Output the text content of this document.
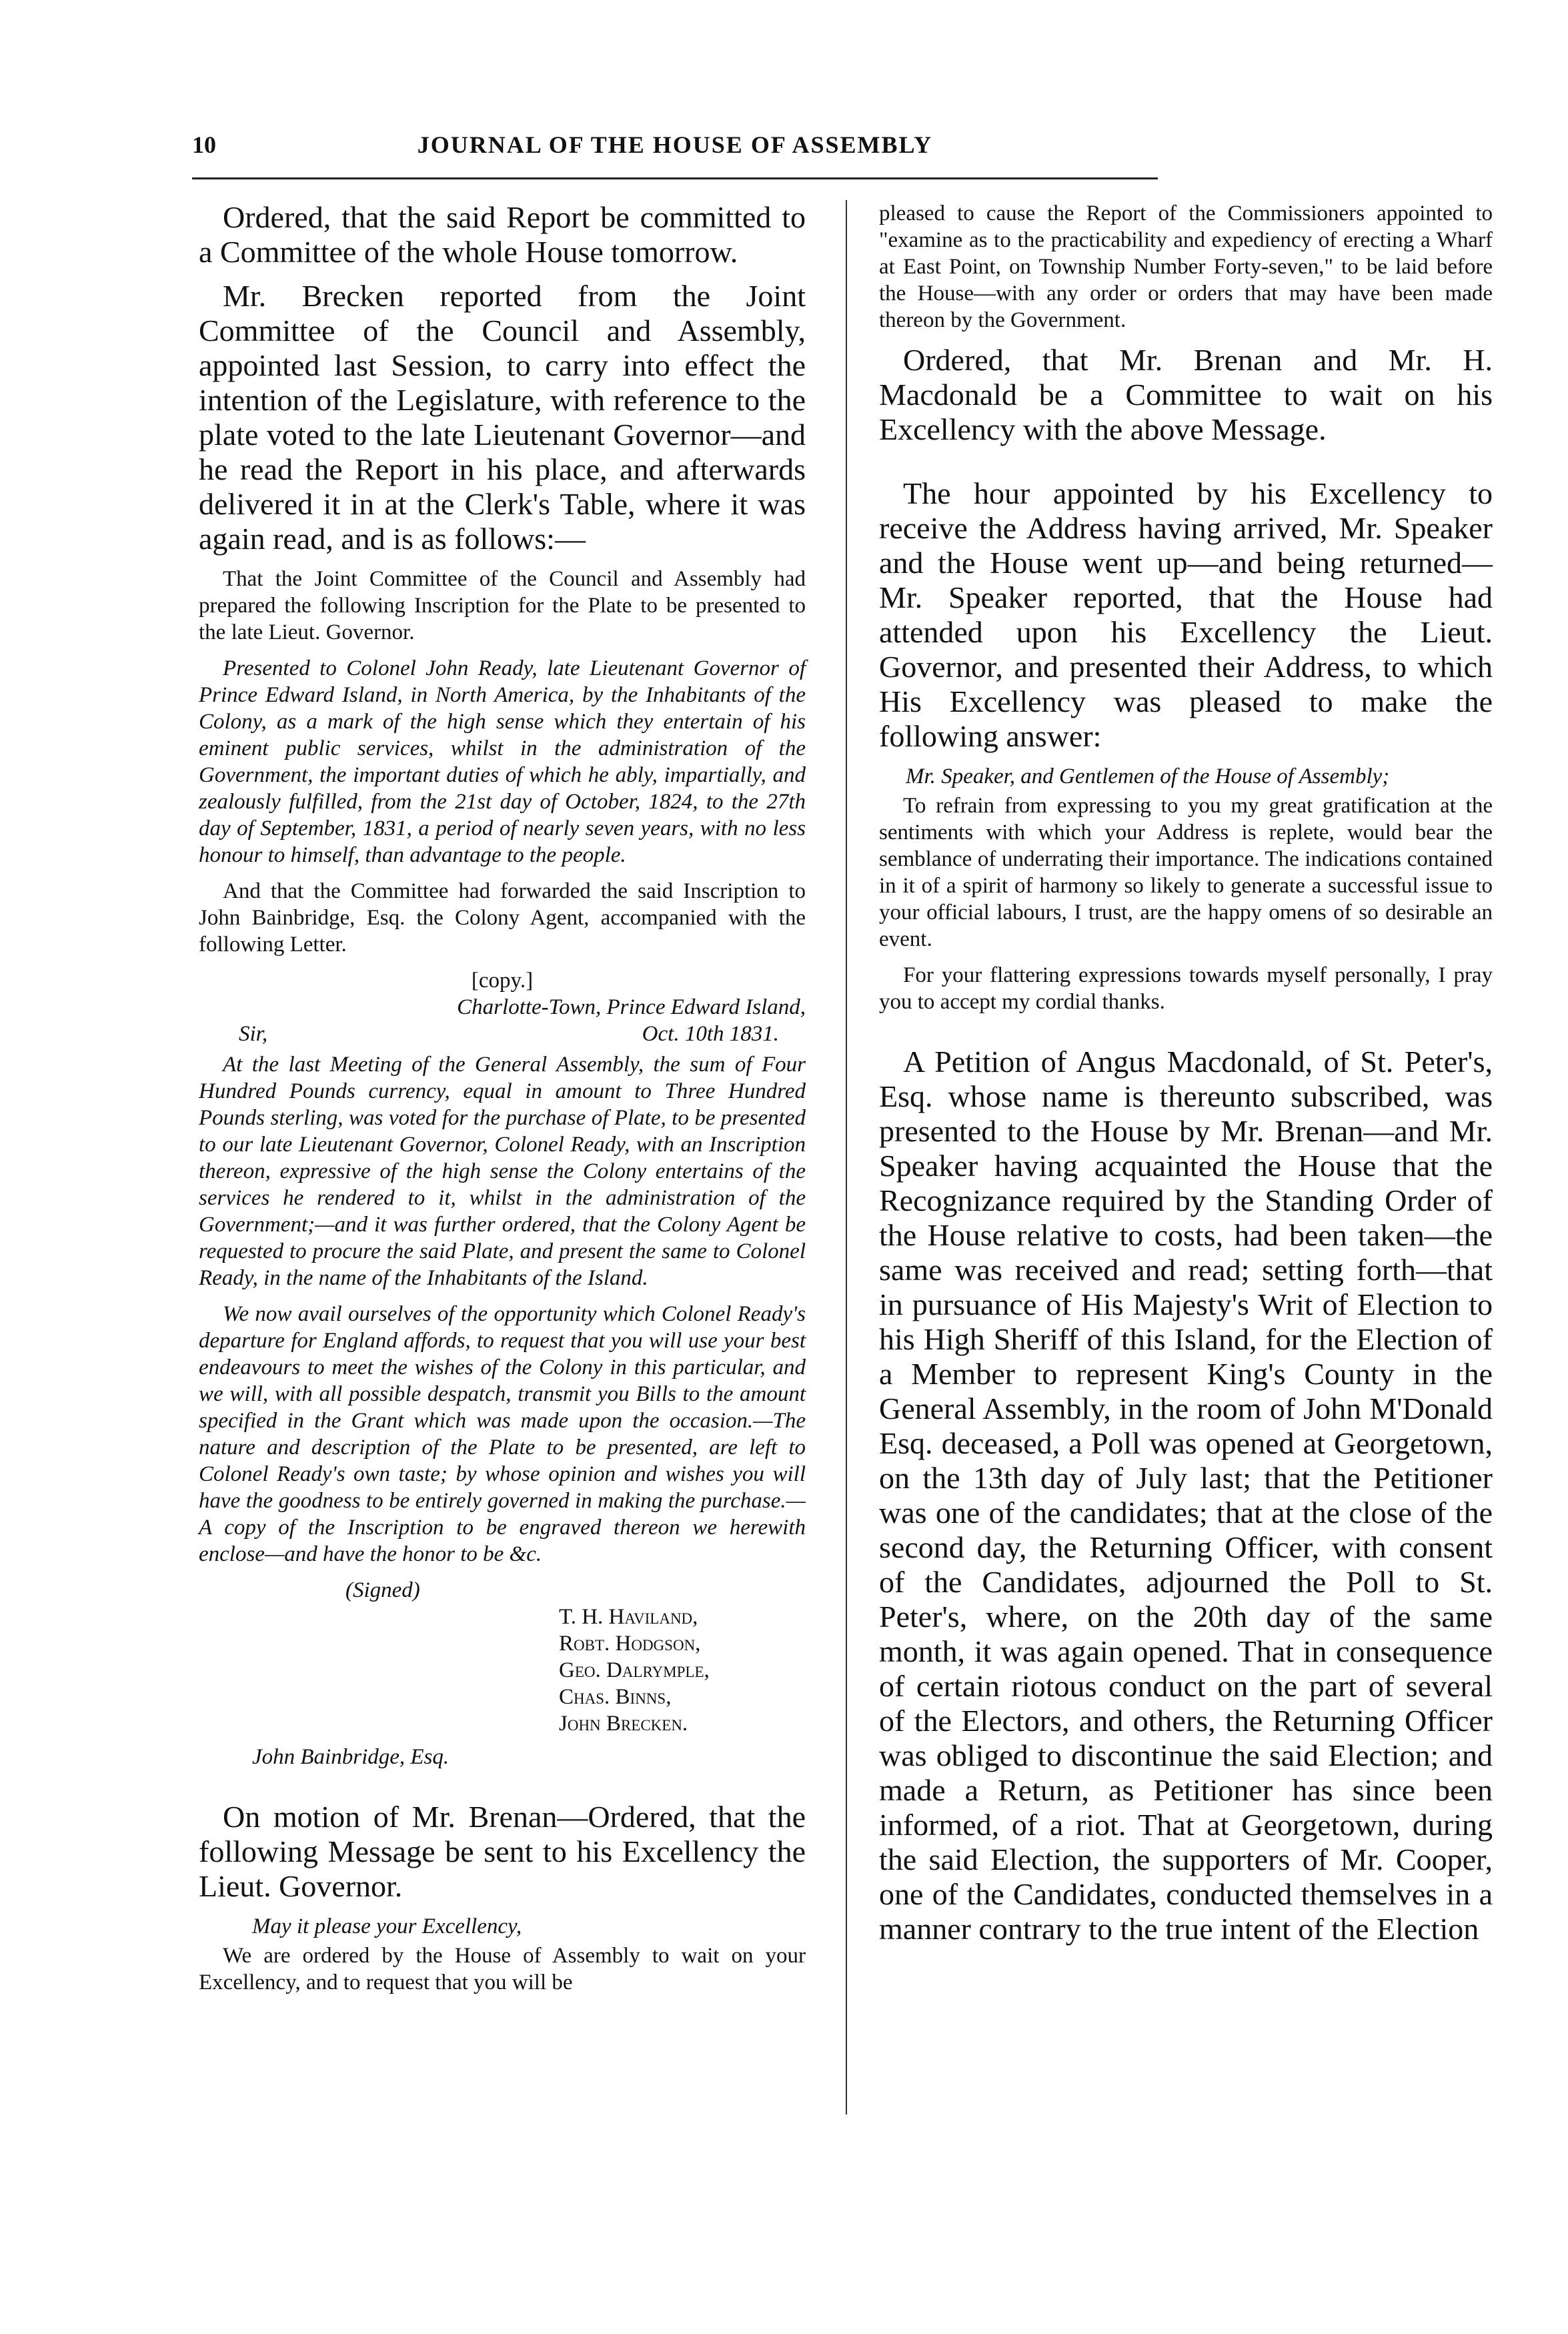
10	JOURNAL OF THE HOUSE OF ASSEMBLY

Ordered, that the said Report be committed to a Committee of the whole House tomorrow.

Mr. Brecken reported from the Joint Committee of the Council and Assembly, appointed last Session, to carry into effect the intention of the Legislature, with reference to the plate voted to the late Lieutenant Governor—and he read the Report in his place, and afterwards delivered it in at the Clerk's Table, where it was again read, and is as follows:—

That the Joint Committee of the Council and Assembly had prepared the following Inscription for the Plate to be presented to the late Lieut. Governor.

Presented to Colonel John Ready, late Lieutenant Governor of Prince Edward Island, in North America, by the Inhabitants of the Colony, as a mark of the high sense which they entertain of his eminent public services, whilst in the administration of the Government, the important duties of which he ably, impartially, and zealously fulfilled, from the 21st day of October, 1824, to the 27th day of September, 1831, a period of nearly seven years, with no less honour to himself, than advantage to the people.

And that the Committee had forwarded the said Inscription to John Bainbridge, Esq. the Colony Agent, accompanied with the following Letter.

[copy.]

Charlotte-Town, Prince Edward Island,

Sir,	Oct. 10th 1831.

At the last Meeting of the General Assembly, the sum of Four Hundred Pounds currency, equal in amount to Three Hundred Pounds sterling, was voted for the purchase of Plate, to be presented to our late Lieutenant Governor, Colonel Ready, with an Inscription thereon, expressive of the high sense the Colony entertains of the services he rendered to it, whilst in the administration of the Government;—and it was further ordered, that the Colony Agent be requested to procure the said Plate, and present the same to Colonel Ready, in the name of the Inhabitants of the Island.

We now avail ourselves of the opportunity which Colonel Ready's departure for England affords, to request that you will use your best endeavours to meet the wishes of the Colony in this particular, and we will, with all possible despatch, transmit you Bills to the amount specified in the Grant which was made upon the occasion.—The nature and description of the Plate to be presented, are left to Colonel Ready's own taste; by whose opinion and wishes you will have the goodness to be entirely governed in making the purchase.—A copy of the Inscription to be engraved thereon we herewith enclose—and have the honor to be &c.

(Signed)

T. H. Haviland,
Robt. Hodgson,
Geo. Dalrymple,
Chas. Binns,
John Brecken.

John Bainbridge, Esq.

On motion of Mr. Brenan—Ordered, that the following Message be sent to his Excellency the Lieut. Governor.

May it please your Excellency,

We are ordered by the House of Assembly to wait on your Excellency, and to request that you will be

pleased to cause the Report of the Commissioners appointed to "examine as to the practicability and expediency of erecting a Wharf at East Point, on Township Number Forty-seven," to be laid before the House—with any order or orders that may have been made thereon by the Government.

Ordered, that Mr. Brenan and Mr. H. Macdonald be a Committee to wait on his Excellency with the above Message.

The hour appointed by his Excellency to receive the Address having arrived, Mr. Speaker and the House went up—and being returned—Mr. Speaker reported, that the House had attended upon his Excellency the Lieut. Governor, and presented their Address, to which His Excellency was pleased to make the following answer:

Mr. Speaker, and Gentlemen of the House of Assembly;

To refrain from expressing to you my great gratification at the sentiments with which your Address is replete, would bear the semblance of underrating their importance. The indications contained in it of a spirit of harmony so likely to generate a successful issue to your official labours, I trust, are the happy omens of so desirable an event.

For your flattering expressions towards myself personally, I pray you to accept my cordial thanks.

A Petition of Angus Macdonald, of St. Peter's, Esq. whose name is thereunto subscribed, was presented to the House by Mr. Brenan—and Mr. Speaker having acquainted the House that the Recognizance required by the Standing Order of the House relative to costs, had been taken—the same was received and read; setting forth—that in pursuance of His Majesty's Writ of Election to his High Sheriff of this Island, for the Election of a Member to represent King's County in the General Assembly, in the room of John M'Donald Esq. deceased, a Poll was opened at Georgetown, on the 13th day of July last; that the Petitioner was one of the candidates; that at the close of the second day, the Returning Officer, with consent of the Candidates, adjourned the Poll to St. Peter's, where, on the 20th day of the same month, it was again opened. That in consequence of certain riotous conduct on the part of several of the Electors, and others, the Returning Officer was obliged to discontinue the said Election; and made a Return, as Petitioner has since been informed, of a riot. That at Georgetown, during the said Election, the supporters of Mr. Cooper, one of the Candidates, conducted themselves in a manner contrary to the true intent of the Election
